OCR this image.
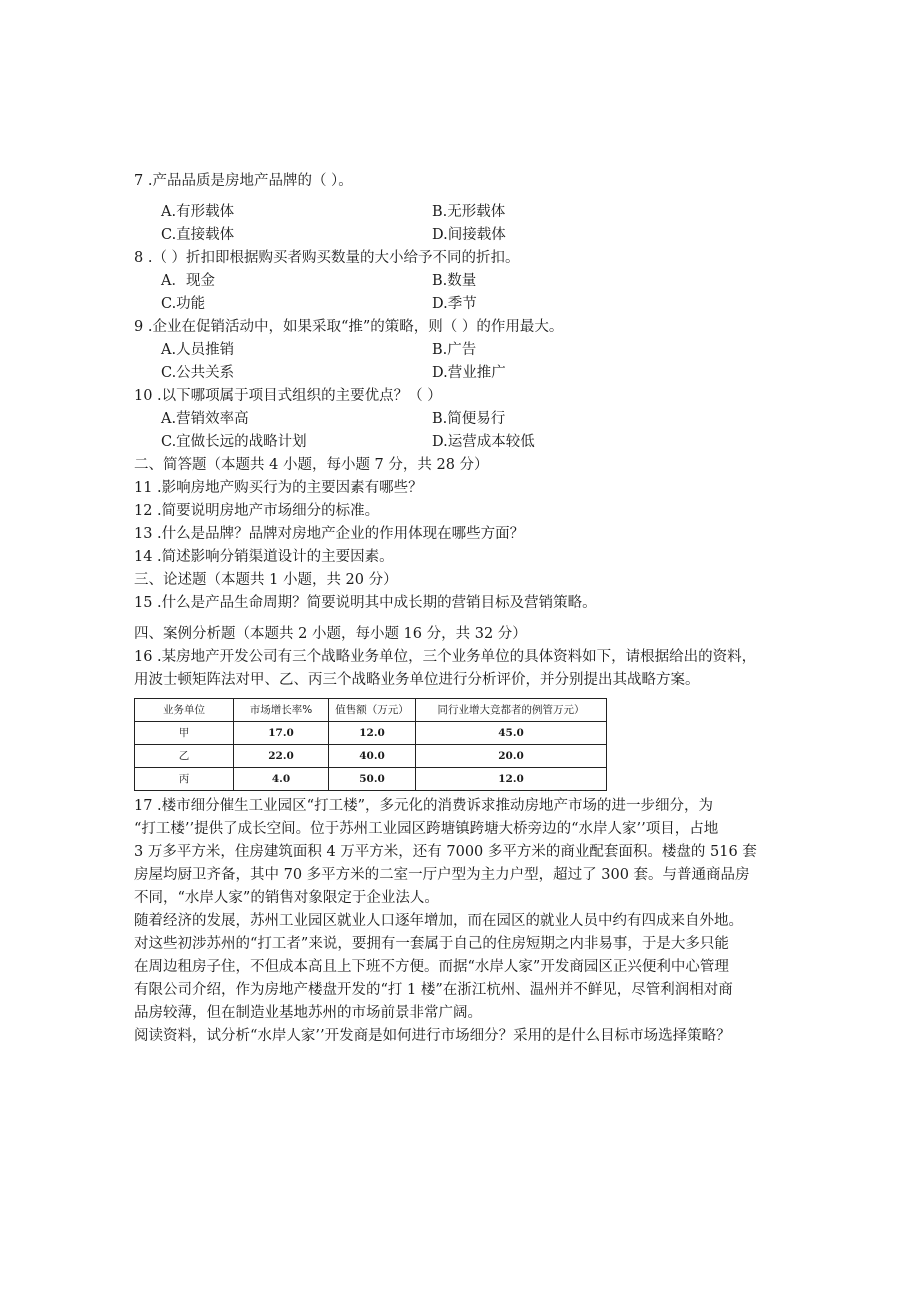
7 .产品品质是房地产品牌的（ ）。
A.有形载体	B.无形载体
C.直接载体	D.间接载体
8 .（ ）折扣即根据购买者购买数量的大小给予不同的折扣。
A．现金	B.数量
C.功能	D.季节
9 .企业在促销活动中，如果采取“推”的策略，则（ ）的作用最大。
A.人员推销	B.广告
C.公共关系	D.营业推广
10 .以下哪项属于项目式组织的主要优点？（ ）
A.营销效率高	B.简便易行
C.宜做长远的战略计划	D.运营成本较低
二、简答题（本题共 4 小题，每小题 7 分，共 28 分）
11 .影响房地产购买行为的主要因素有哪些？
12 .简要说明房地产市场细分的标准。
13 .什么是品牌？品牌对房地产企业的作用体现在哪些方面？
14 .简述影响分销渠道设计的主要因素。
三、论述题（本题共 1 小题，共 20 分）
15 .什么是产品生命周期？简要说明其中成长期的营销目标及营销策略。
四、案例分析题（本题共 2 小题，每小题 16 分，共 32 分）
16 .某房地产开发公司有三个战略业务单位，三个业务单位的具体资料如下，请根据给出的资料，
用波士顿矩阵法对甲、乙、丙三个战略业务单位进行分析评价，并分别提出其战略方案。
业务单位	市场增长率%	值售额（万元）	同行业增大竞都者的例管万元）
甲	17.0	12.0	45.0
乙	22.0	40.0	20.0
丙	4.0	50.0	12.0
17 .楼市细分催生工业园区“打工楼”，多元化的消费诉求推动房地产市场的进一步细分，为
“打工楼’’提供了成长空间。位于苏州工业园区跨塘镇跨塘大桥旁边的“水岸人家’’项目，占地
3 万多平方米，住房建筑面积 4 万平方米，还有 7000 多平方米的商业配套面积。楼盘的 516 套
房屋均厨卫齐备，其中 70 多平方米的二室一厅户型为主力户型，超过了 300 套。与普通商品房
不同，“水岸人家”的销售对象限定于企业法人。
随着经济的发展，苏州工业园区就业人口逐年增加，而在园区的就业人员中约有四成来自外地。
对这些初涉苏州的“打工者”来说，要拥有一套属于自己的住房短期之内非易事，于是大多只能
在周边租房子住，不但成本高且上下班不方便。而据“水岸人家”开发商园区正兴便利中心管理
有限公司介绍，作为房地产楼盘开发的“打 1 楼”在浙江杭州、温州并不鲜见，尽管利润相对商
品房较薄，但在制造业基地苏州的市场前景非常广阔。
阅读资料，试分析“水岸人家’’开发商是如何进行市场细分？采用的是什么目标市场选择策略？
